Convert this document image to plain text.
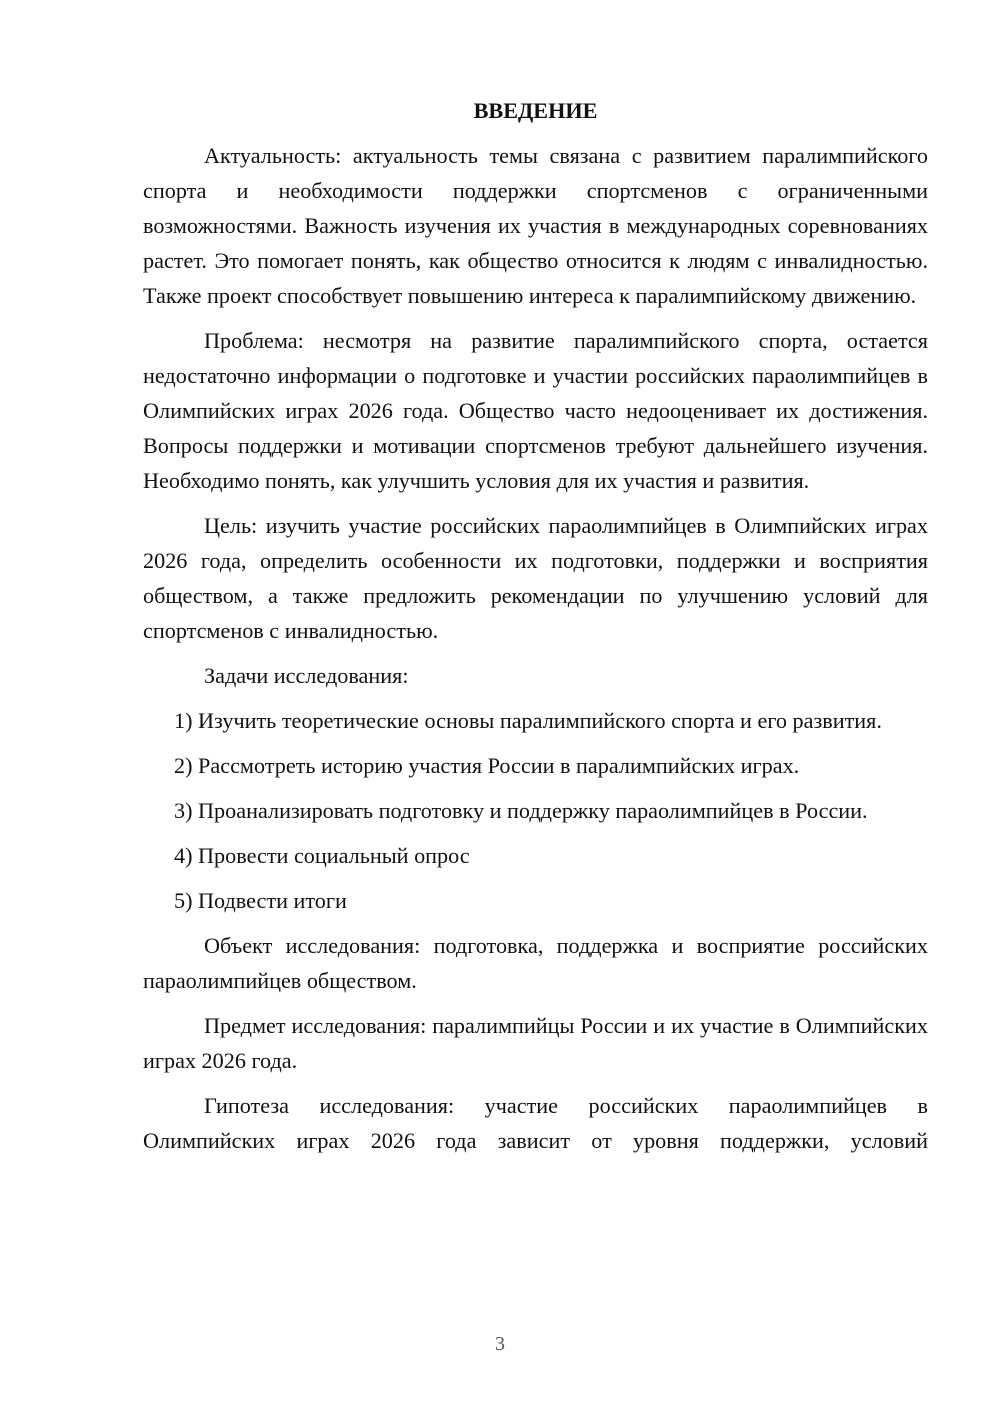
ВВЕДЕНИЕ

Актуальность: актуальность темы связана с развитием паралимпийского спорта и необходимости поддержки спортсменов с ограниченными возможностями. Важность изучения их участия в международных соревнованиях растет. Это помогает понять, как общество относится к людям с инвалидностью. Также проект способствует повышению интереса к паралимпийскому движению.

Проблема: несмотря на развитие паралимпийского спорта, остается недостаточно информации о подготовке и участии российских параолимпийцев в Олимпийских играх 2026 года. Общество часто недооценивает их достижения. Вопросы поддержки и мотивации спортсменов требуют дальнейшего изучения. Необходимо понять, как улучшить условия для их участия и развития.

Цель: изучить участие российских параолимпийцев в Олимпийских играх 2026 года, определить особенности их подготовки, поддержки и восприятия обществом, а также предложить рекомендации по улучшению условий для спортсменов с инвалидностью.

Задачи исследования:

1) Изучить теоретические основы паралимпийского спорта и его развития.

2) Рассмотреть историю участия России в паралимпийских играх.

3) Проанализировать подготовку и поддержку параолимпийцев в России.

4) Провести социальный опрос

5) Подвести итоги

Объект исследования: подготовка, поддержка и восприятие российских параолимпийцев обществом.

Предмет исследования: паралимпийцы России и их участие в Олимпийских играх 2026 года.

Гипотеза исследования: участие российских параолимпийцев в Олимпийских играх 2026 года зависит от уровня поддержки, условий

3
